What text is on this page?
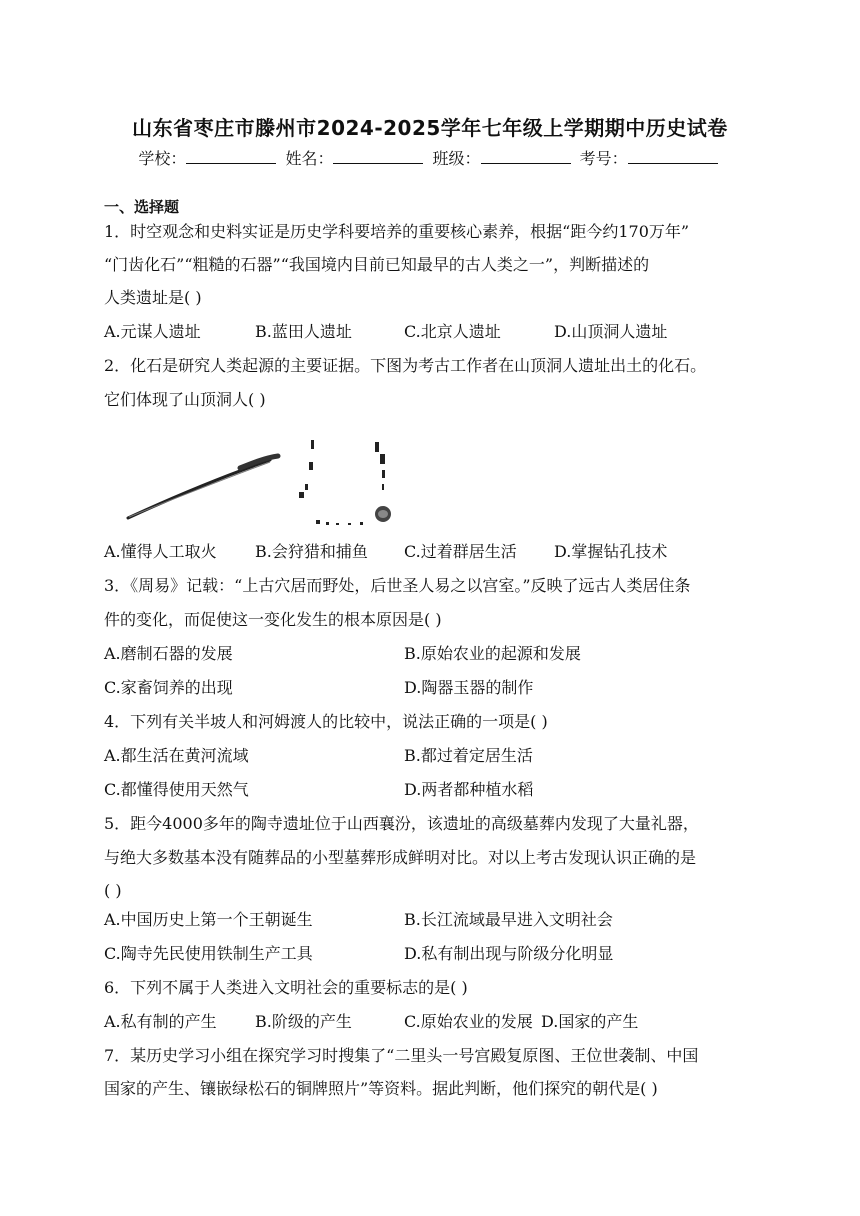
山东省枣庄市滕州市2024-2025学年七年级上学期期中历史试卷
学校：	姓名：	班级：	考号：
一、选择题
1．时空观念和史料实证是历史学科要培养的重要核心素养，根据“距今约170万年”
“门齿化石”“粗糙的石器”“我国境内目前已知最早的古人类之一”，判断描述的
人类遗址是( )
A.元谋人遗址	B.蓝田人遗址	C.北京人遗址	D.山顶洞人遗址
2．化石是研究人类起源的主要证据。下图为考古工作者在山顶洞人遗址出土的化石。
它们体现了山顶洞人( )
A.懂得人工取火 B.会狩猎和捕鱼 C.过着群居生活 D.掌握钻孔技术
3．《周易》记载：“上古穴居而野处，后世圣人易之以宫室。”反映了远古人类居住条
件的变化，而促使这一变化发生的根本原因是( )
A.磨制石器的发展	B.原始农业的起源和发展
C.家畜饲养的出现	D.陶器玉器的制作
4．下列有关半坡人和河姆渡人的比较中，说法正确的一项是( )
A.都生活在黄河流域	B.都过着定居生活
C.都懂得使用天然气	D.两者都种植水稻
5．距今4000多年的陶寺遗址位于山西襄汾，该遗址的高级墓葬内发现了大量礼器，
与绝大多数基本没有随葬品的小型墓葬形成鲜明对比。对以上考古发现认识正确的是
( )
A.中国历史上第一个王朝诞生	B.长江流域最早进入文明社会
C.陶寺先民使用铁制生产工具	D.私有制出现与阶级分化明显
6．下列不属于人类进入文明社会的重要标志的是( )
A.私有制的产生 B.阶级的产生	C.原始农业的发展 D.国家的产生
7．某历史学习小组在探究学习时搜集了“二里头一号宫殿复原图、王位世袭制、中国
国家的产生、镶嵌绿松石的铜牌照片”等资料。据此判断，他们探究的朝代是( )
